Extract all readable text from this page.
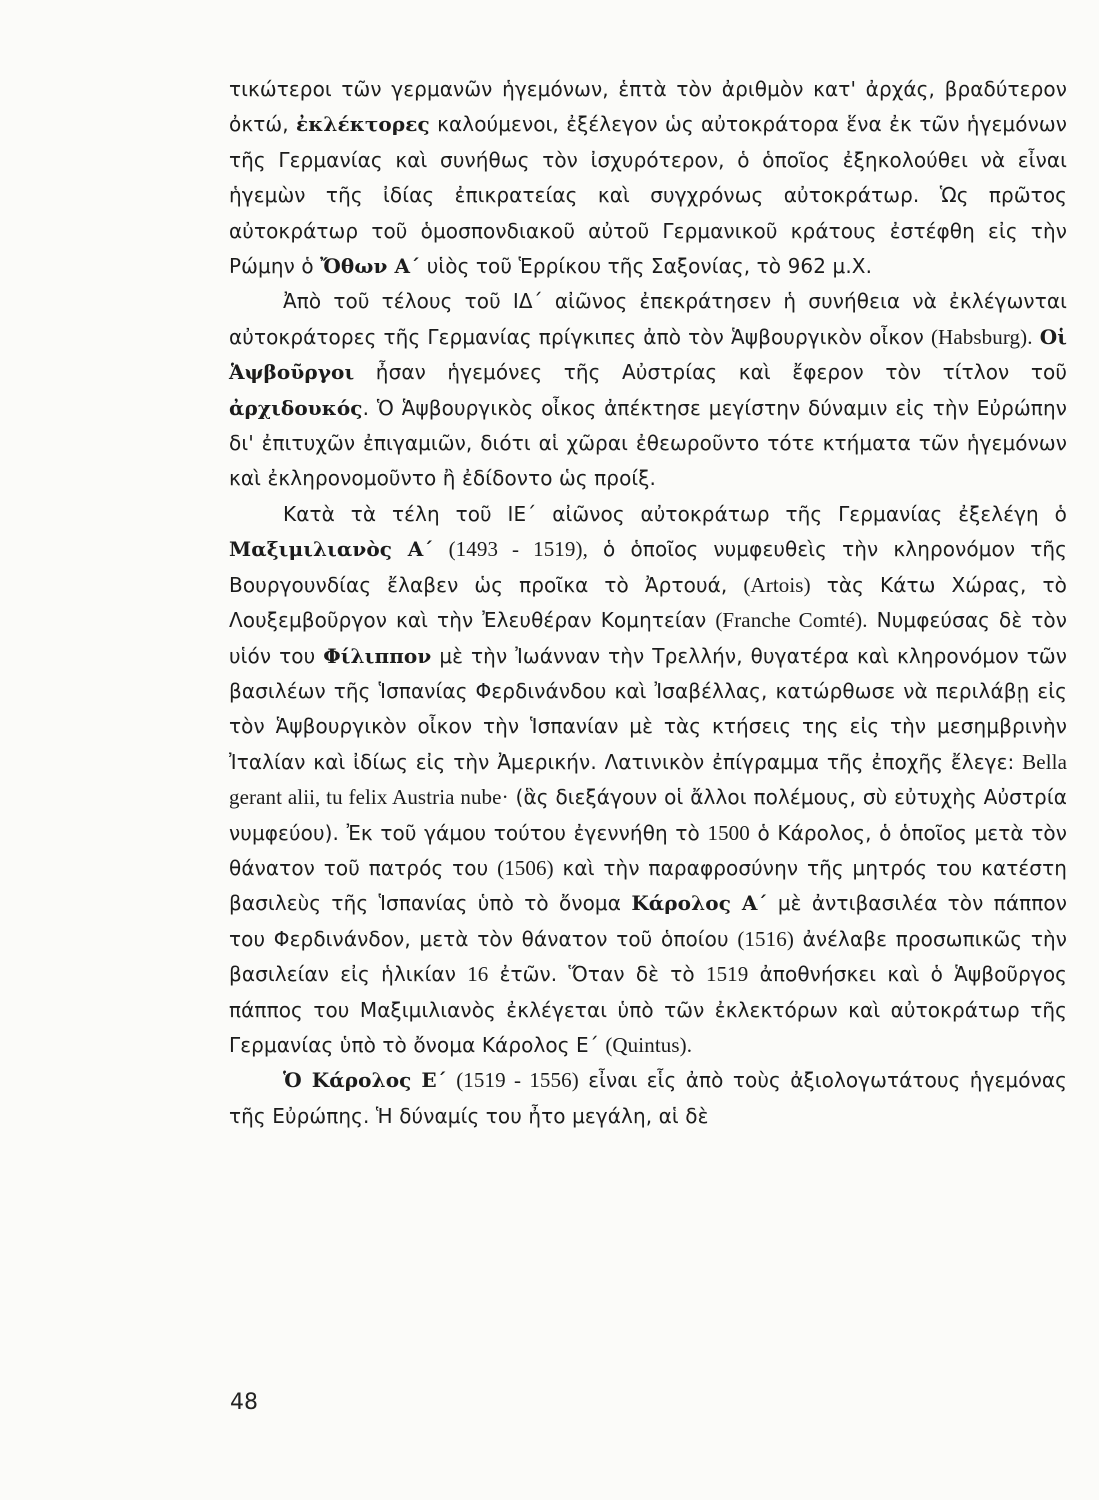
τικώτεροι τῶν γερμανῶν ἡγεμόνων, ἑπτὰ τὸν ἀριθμὸν κατ' ἀρχάς, βραδύτερον ὀκτώ, ἐκλέκτορες καλούμενοι, ἐξέλεγον ὡς αὐτοκράτορα ἕνα ἐκ τῶν ἡγεμόνων τῆς Γερμανίας καὶ συνήθως τὸν ἰσχυρότερον, ὁ ὁποῖος ἐξηκολούθει νὰ εἶναι ἡγεμὼν τῆς ἰδίας ἐπικρατείας καὶ συγχρόνως αὐτοκράτωρ. Ὡς πρῶτος αὐτοκράτωρ τοῦ ὁμοσπονδιακοῦ αὐτοῦ Γερμανικοῦ κράτους ἐστέφθη εἰς τὴν Ρώμην ὁ Ὄθων Α΄ υἱὸς τοῦ Ἑρρίκου τῆς Σαξονίας, τὸ 962 μ.Χ.

Ἀπὸ τοῦ τέλους τοῦ ΙΔ΄ αἰῶνος ἐπεκράτησεν ἡ συνήθεια νὰ ἐκλέγωνται αὐτοκράτορες τῆς Γερμανίας πρίγκιπες ἀπὸ τὸν Ἁψβουργικὸν οἶκον (Habsburg). Οἱ Ἁψβοῦργοι ἦσαν ἡγεμόνες τῆς Αὐστρίας καὶ ἔφερον τὸν τίτλον τοῦ ἀρχιδουκός. Ὁ Ἁψβουργικὸς οἶκος ἀπέκτησε μεγίστην δύναμιν εἰς τὴν Εὐρώπην δι' ἐπιτυχῶν ἐπιγαμιῶν, διότι αἱ χῶραι ἐθεωροῦντο τότε κτήματα τῶν ἡγεμόνων καὶ ἐκληρονομοῦντο ἢ ἐδίδοντο ὡς προίξ.

Κατὰ τὰ τέλη τοῦ ΙΕ΄ αἰῶνος αὐτοκράτωρ τῆς Γερμανίας ἐξελέγη ὁ Μαξιμιλιανὸς Α΄ (1493 - 1519), ὁ ὁποῖος νυμφευθεὶς τὴν κληρονόμον τῆς Βουργουνδίας ἔλαβεν ὡς προῖκα τὸ Ἀρτουά, (Artois) τὰς Κάτω Χώρας, τὸ Λουξεμβοῦργον καὶ τὴν Ἐλευθέραν Κομητείαν (Franche Comté). Νυμφεύσας δὲ τὸν υἱόν του Φίλιππον μὲ τὴν Ἰωάνναν τὴν Τρελλήν, θυγατέρα καὶ κληρονόμον τῶν βασιλέων τῆς Ἱσπανίας Φερδινάνδου καὶ Ἰσαβέλλας, κατώρθωσε νὰ περιλάβῃ εἰς τὸν Ἁψβουργικὸν οἶκον τὴν Ἱσπανίαν μὲ τὰς κτήσεις της εἰς τὴν μεσημβρινὴν Ἰταλίαν καὶ ἰδίως εἰς τὴν Ἀμερικήν. Λατινικὸν ἐπίγραμμα τῆς ἐποχῆς ἔλεγε: Bella gerant alii, tu felix Austria nube· (ἃς διεξάγουν οἱ ἄλλοι πολέμους, σὺ εὐτυχὴς Αὐστρία νυμφεύου). Ἐκ τοῦ γάμου τούτου ἐγεννήθη τὸ 1500 ὁ Κάρολος, ὁ ὁποῖος μετὰ τὸν θάνατον τοῦ πατρός του (1506) καὶ τὴν παραφροσύνην τῆς μητρός του κατέστη βασιλεὺς τῆς Ἱσπανίας ὑπὸ τὸ ὄνομα Κάρολος Α΄ μὲ ἀντιβασιλέα τὸν πάππον του Φερδινάνδον, μετὰ τὸν θάνατον τοῦ ὁποίου (1516) ἀνέλαβε προσωπικῶς τὴν βασιλείαν εἰς ἡλικίαν 16 ἐτῶν. Ὅταν δὲ τὸ 1519 ἀποθνήσκει καὶ ὁ Ἁψβοῦργος πάππος του Μαξιμιλιανὸς ἐκλέγεται ὑπὸ τῶν ἐκλεκτόρων καὶ αὐτοκράτωρ τῆς Γερμανίας ὑπὸ τὸ ὄνομα Κάρολος Ε΄ (Quintus).

Ὁ Κάρολος Ε΄ (1519 - 1556) εἶναι εἷς ἀπὸ τοὺς ἀξιολογωτάτους ἡγεμόνας τῆς Εὐρώπης. Ἡ δύναμίς του ἦτο μεγάλη, αἱ δὲ

48
